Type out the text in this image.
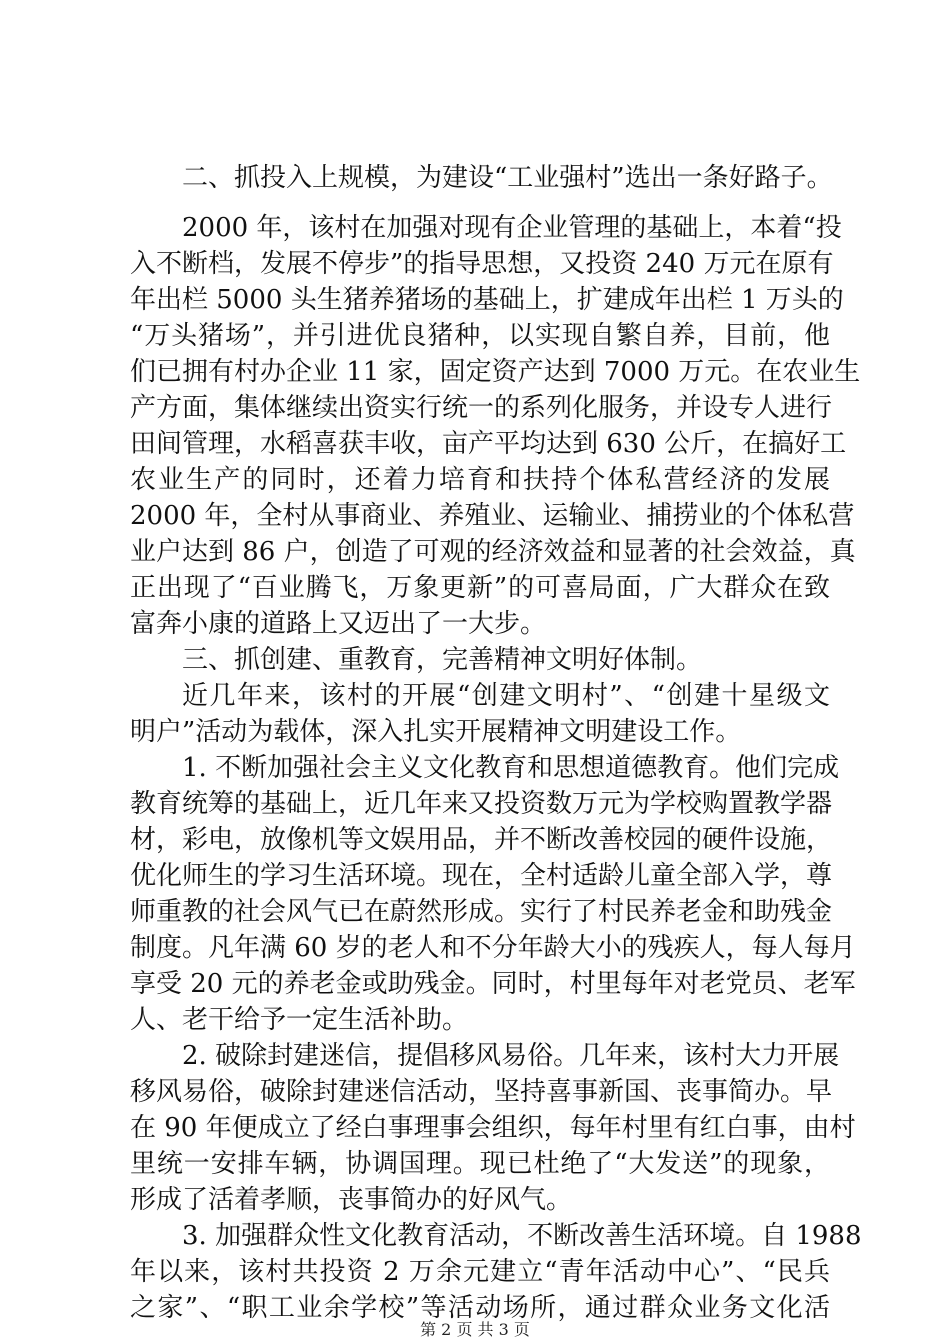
二、抓投入上规模，为建设“工业强村”选出一条好路子。
2000 年，该村在加强对现有企业管理的基础上，本着“投
入不断档，发展不停步”的指导思想，又投资 240 万元在原有
年出栏 5000 头生猪养猪场的基础上，扩建成年出栏 1 万头的
“万头猪场”，并引进优良猪种，以实现自繁自养，目前，他
们已拥有村办企业 11 家，固定资产达到 7000 万元。在农业生
产方面，集体继续出资实行统一的系列化服务，并设专人进行
田间管理，水稻喜获丰收，亩产平均达到 630 公斤，在搞好工
农业生产的同时，还着力培育和扶持个体私营经济的发展
2000 年，全村从事商业、养殖业、运输业、捕捞业的个体私营
业户达到 86 户，创造了可观的经济效益和显著的社会效益，真
正出现了“百业腾飞，万象更新”的可喜局面，广大群众在致
富奔小康的道路上又迈出了一大步。
三、抓创建、重教育，完善精神文明好体制。
近几年来，该村的开展“创建文明村”、“创建十星级文
明户”活动为载体，深入扎实开展精神文明建设工作。
1. 不断加强社会主义文化教育和思想道德教育。他们完成
教育统筹的基础上，近几年来又投资数万元为学校购置教学器
材，彩电，放像机等文娱用品，并不断改善校园的硬件设施，
优化师生的学习生活环境。现在，全村适龄儿童全部入学，尊
师重教的社会风气已在蔚然形成。实行了村民养老金和助残金
制度。凡年满 60 岁的老人和不分年龄大小的残疾人，每人每月
享受 20 元的养老金或助残金。同时，村里每年对老党员、老军
人、老干给予一定生活补助。
2. 破除封建迷信，提倡移风易俗。几年来，该村大力开展
移风易俗，破除封建迷信活动，坚持喜事新国、丧事简办。早
在 90 年便成立了经白事理事会组织，每年村里有红白事，由村
里统一安排车辆，协调国理。现已杜绝了“大发送”的现象，
形成了活着孝顺，丧事简办的好风气。
3. 加强群众性文化教育活动，不断改善生活环境。自 1988
年以来，该村共投资 2 万余元建立“青年活动中心”、“民兵
之家”、“职工业余学校”等活动场所，通过群众业务文化活
第 2 页 共 3 页
